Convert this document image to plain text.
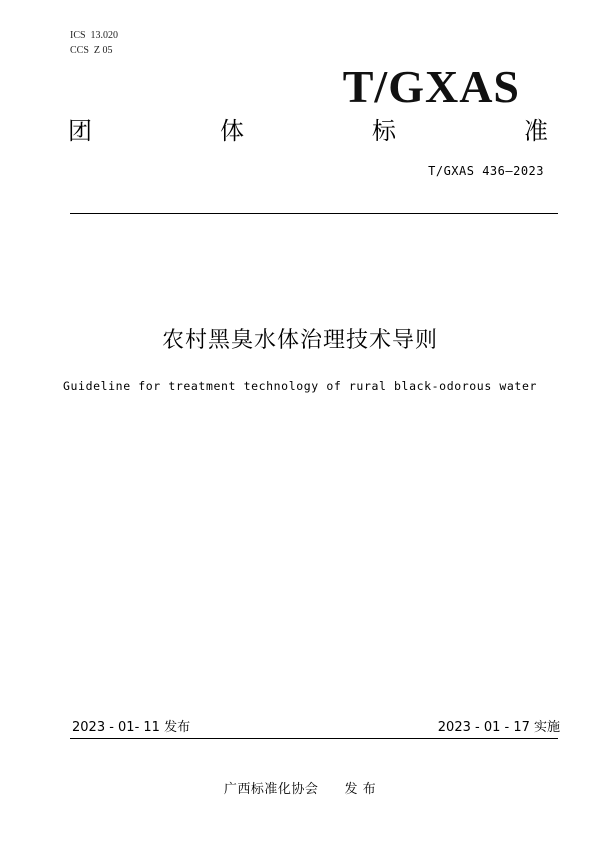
ICS  13.020
CCS  Z 05
T/GXAS
团	体	标	准
T/GXAS 436—2023
农村黑臭水体治理技术导则
Guideline for treatment technology of rural black-odorous water
2023 - 01- 11 发布	2023 - 01 - 17 实施
广西标准化协会 发 布
